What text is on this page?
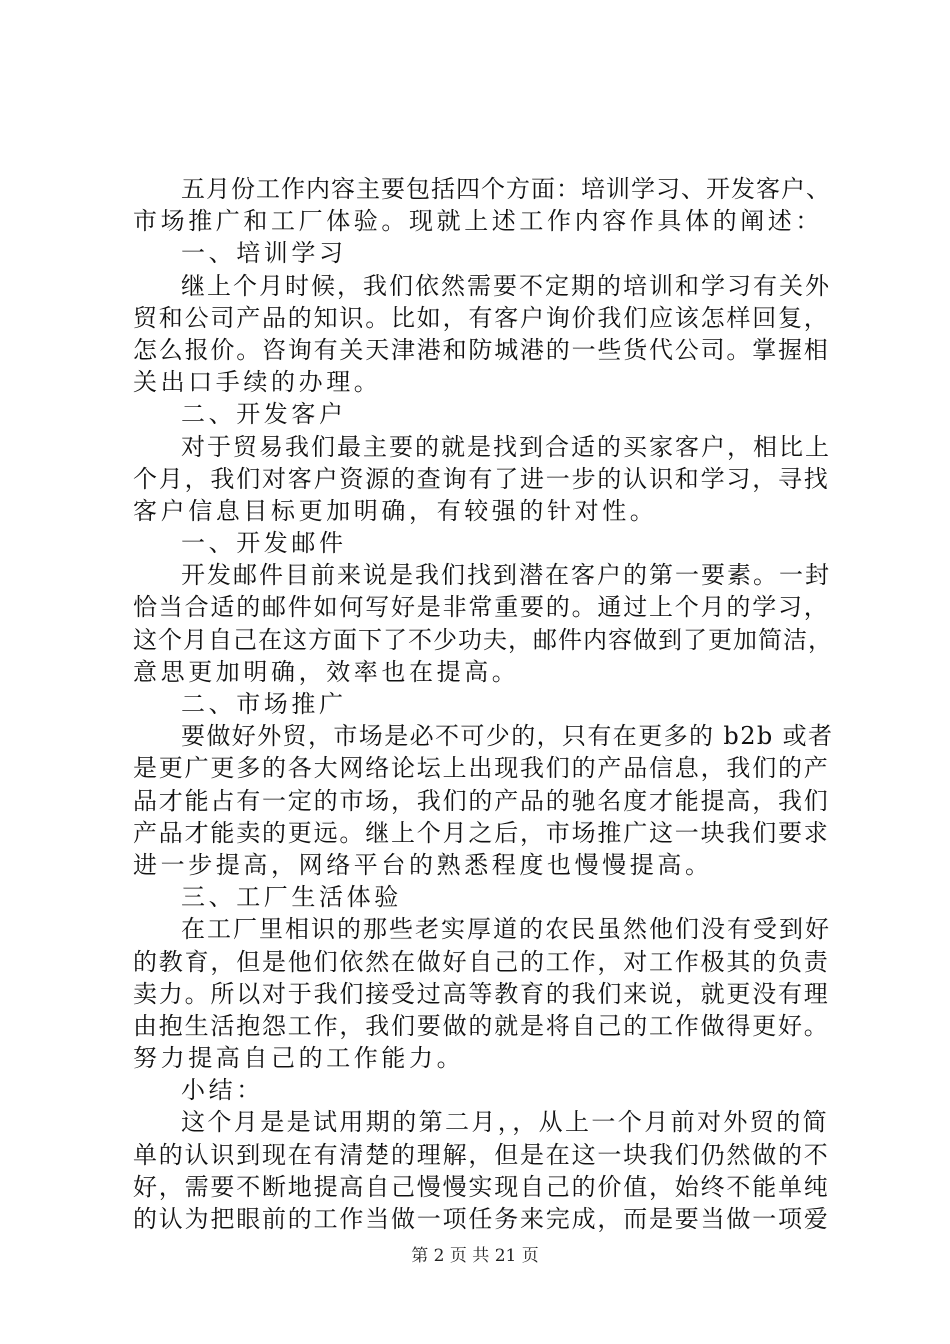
五月份工作内容主要包括四个方面：培训学习、开发客户、
市场推广和工厂体验。现就上述工作内容作具体的阐述：
一、培训学习
继上个月时候，我们依然需要不定期的培训和学习有关外
贸和公司产品的知识。比如，有客户询价我们应该怎样回复，
怎么报价。咨询有关天津港和防城港的一些货代公司。掌握相
关出口手续的办理。
二、开发客户
对于贸易我们最主要的就是找到合适的买家客户，相比上
个月，我们对客户资源的查询有了进一步的认识和学习，寻找
客户信息目标更加明确，有较强的针对性。
一、开发邮件
开发邮件目前来说是我们找到潜在客户的第一要素。一封
恰当合适的邮件如何写好是非常重要的。通过上个月的学习，
这个月自己在这方面下了不少功夫，邮件内容做到了更加简洁，
意思更加明确，效率也在提高。
二、市场推广
要做好外贸，市场是必不可少的，只有在更多的 b2b 或者
是更广更多的各大网络论坛上出现我们的产品信息，我们的产
品才能占有一定的市场，我们的产品的驰名度才能提高，我们
产品才能卖的更远。继上个月之后，市场推广这一块我们要求
进一步提高，网络平台的熟悉程度也慢慢提高。
三、工厂生活体验
在工厂里相识的那些老实厚道的农民虽然他们没有受到好
的教育，但是他们依然在做好自己的工作，对工作极其的负责
卖力。所以对于我们接受过高等教育的我们来说，就更没有理
由抱生活抱怨工作，我们要做的就是将自己的工作做得更好。
努力提高自己的工作能力。
小结：
这个月是是试用期的第二月，，从上一个月前对外贸的简
单的认识到现在有清楚的理解，但是在这一块我们仍然做的不
好，需要不断地提高自己慢慢实现自己的价值，始终不能单纯
的认为把眼前的工作当做一项任务来完成，而是要当做一项爱
第 2 页 共 21 页
